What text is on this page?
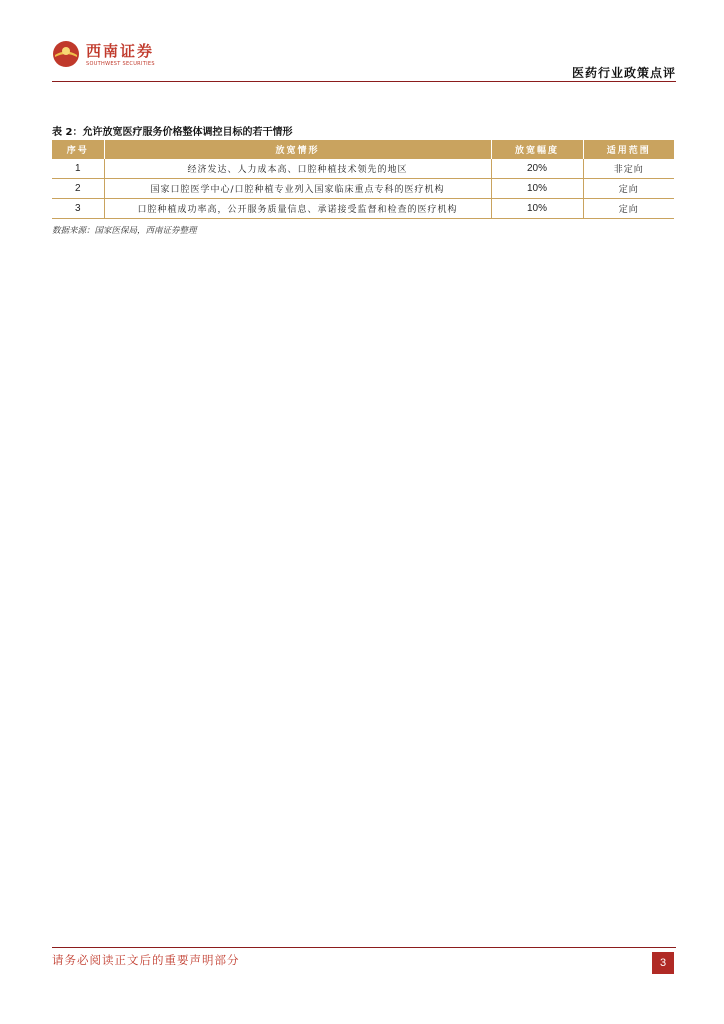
西南证券
SOUTHWEST SECURITIES
医药行业政策点评
表 2：允许放宽医疗服务价格整体调控目标的若干情形
序号	放宽情形	放宽幅度	适用范围
1	经济发达、人力成本高、口腔种植技术领先的地区	20%	非定向
2	国家口腔医学中心/口腔种植专业列入国家临床重点专科的医疗机构	10%	定向
3	口腔种植成功率高，公开服务质量信息、承诺接受监督和检查的医疗机构	10%	定向
数据来源：国家医保局，西南证券整理
请务必阅读正文后的重要声明部分	3
